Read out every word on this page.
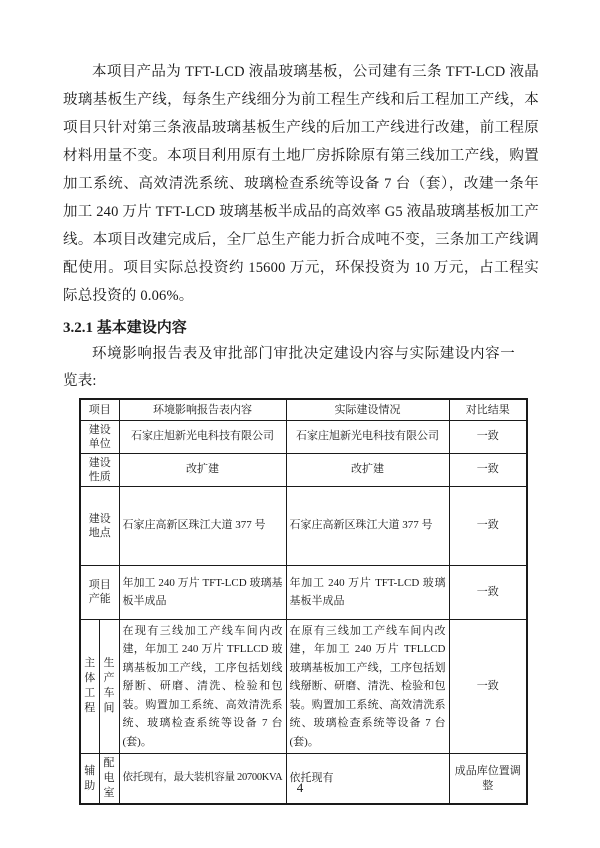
本项目产品为 TFT-LCD 液晶玻璃基板，公司建有三条 TFT-LCD 液晶玻璃基板生产线，每条生产线细分为前工程生产线和后工程加工产线，本项目只针对第三条液晶玻璃基板生产线的后加工产线进行改建，前工程原材料用量不变。本项目利用原有土地厂房拆除原有第三线加工产线，购置加工系统、高效清洗系统、玻璃检查系统等设备 7 台（套），改建一条年加工 240 万片 TFT-LCD 玻璃基板半成品的高效率 G5 液晶玻璃基板加工产线。本项目改建完成后，全厂总生产能力折合成吨不变，三条加工产线调配使用。项目实际总投资约 15600 万元，环保投资为 10 万元，占工程实际总投资的 0.06%。

3.2.1 基本建设内容

环境影响报告表及审批部门审批决定建设内容与实际建设内容一览表:

项目		环境影响报告表内容	实际建设情况	对比结果
建设单位		石家庄旭新光电科技有限公司	石家庄旭新光电科技有限公司	一致
建设性质		改扩建	改扩建	一致
建设地点		石家庄高新区珠江大道 377 号	石家庄高新区珠江大道 377 号	一致
项目产能		年加工 240 万片 TFT-LCD 玻璃基板半成品	年加工 240 万片 TFT-LCD 玻璃基板半成品	一致
主体工程	生产车间	在现有三线加工产线车间内改建，年加工 240 万片 TFLLCD 玻璃基板加工产线，工序包括划线掰断、研磨、清洗、检验和包装。购置加工系统、高效清洗系统、玻璃检查系统等设备 7 台(套)。	在原有三线加工产线车间内改建，年加工 240 万片 TFLLCD 玻璃基板加工产线，工序包括划线掰断、研磨、清洗、检验和包装。购置加工系统、高效清洗系统、玻璃检查系统等设备 7 台(套)。	一致
辅助	配电室	依托现有，最大装机容量 20700KVA	依托现有	成品库位置调整
4
